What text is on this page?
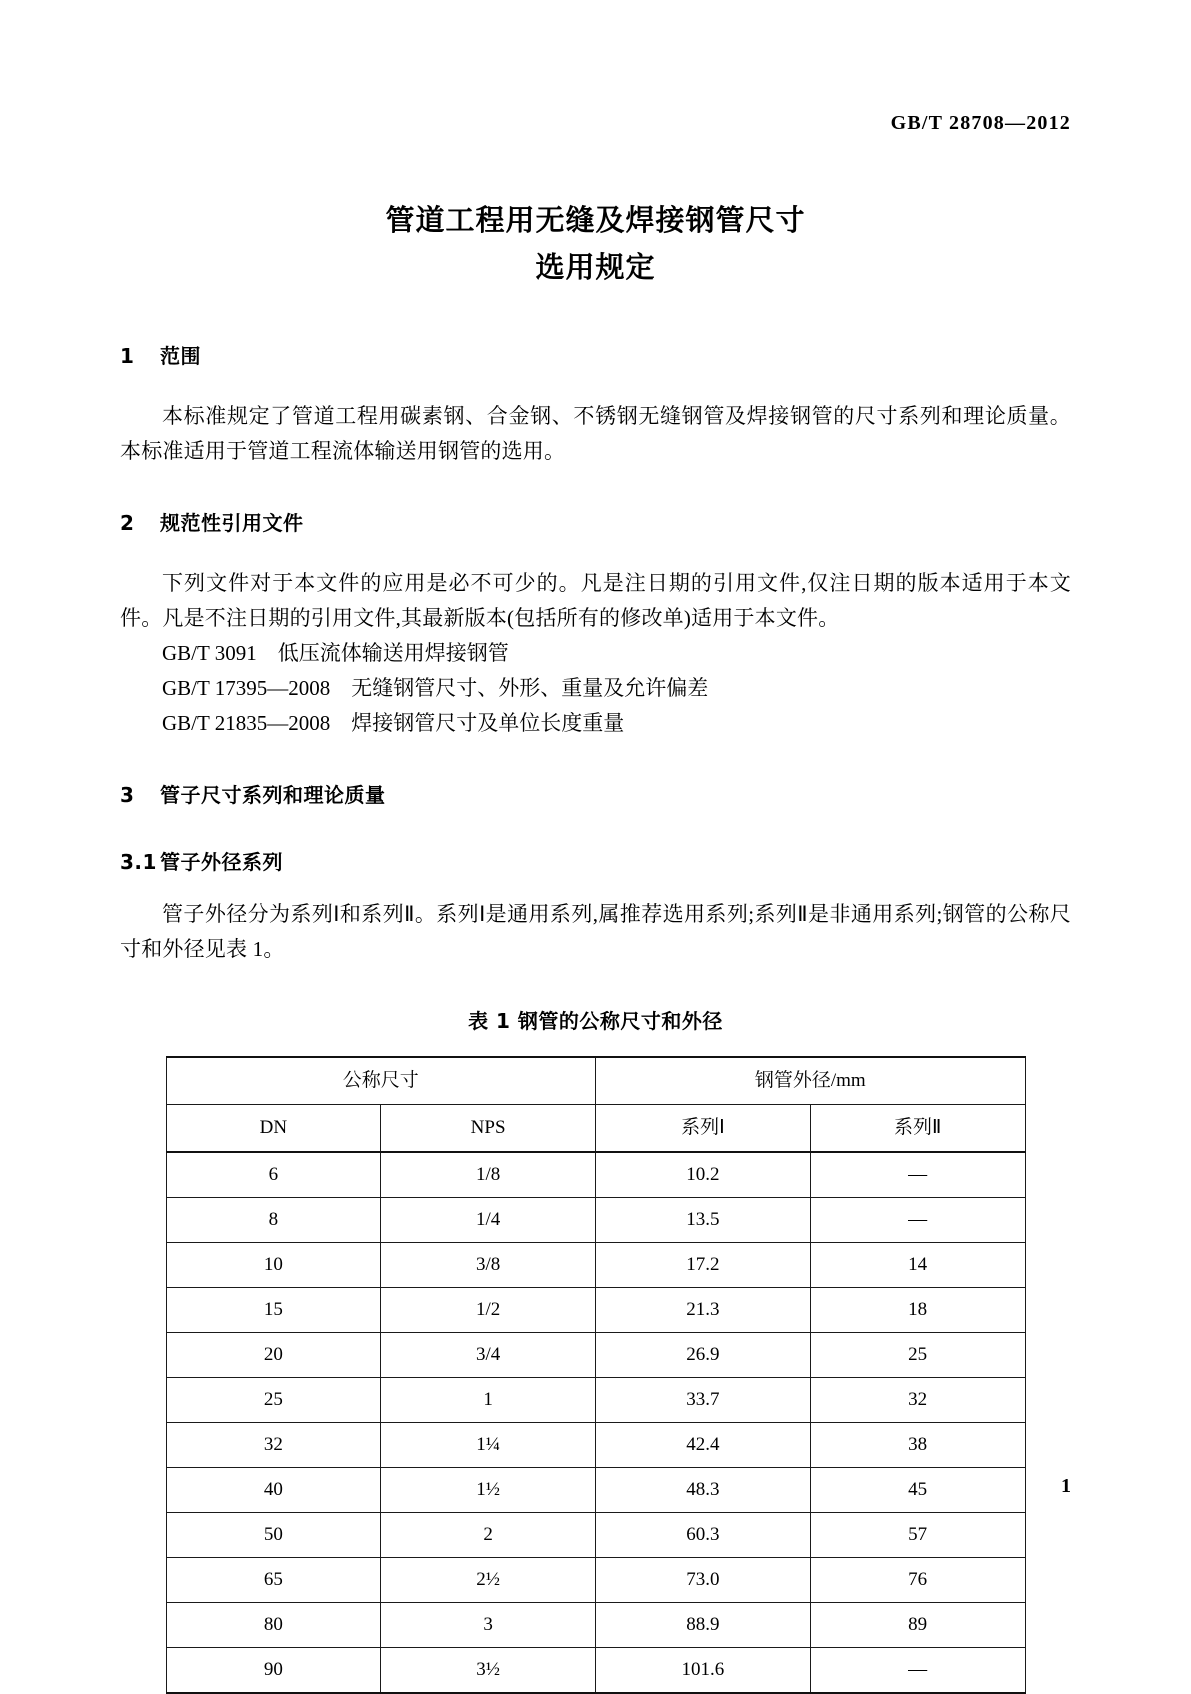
GB/T 28708—2012
管道工程用无缝及焊接钢管尺寸
选用规定
1 范围

本标准规定了管道工程用碳素钢、合金钢、不锈钢无缝钢管及焊接钢管的尺寸系列和理论质量。本标准适用于管道工程流体输送用钢管的选用。

2 规范性引用文件

下列文件对于本文件的应用是必不可少的。凡是注日期的引用文件,仅注日期的版本适用于本文件。凡是不注日期的引用文件,其最新版本(包括所有的修改单)适用于本文件。

GB/T 3091    低压流体输送用焊接钢管
GB/T 17395—2008    无缝钢管尺寸、外形、重量及允许偏差
GB/T 21835—2008    焊接钢管尺寸及单位长度重量
3 管子尺寸系列和理论质量
3.1 管子外径系列

管子外径分为系列Ⅰ和系列Ⅱ。系列Ⅰ是通用系列,属推荐选用系列;系列Ⅱ是非通用系列;钢管的公称尺寸和外径见表 1。

表 1 钢管的公称尺寸和外径

公称尺寸		钢管外径/mm	
DN	NPS	系列Ⅰ	系列Ⅱ
6	1/8	10.2	—
8	1/4	13.5	—
10	3/8	17.2	14
15	1/2	21.3	18
20	3/4	26.9	25
25	1	33.7	32
32	1¼	42.4	38
40	1½	48.3	45
50	2	60.3	57
65	2½	73.0	76
80	3	88.9	89
90	3½	101.6	—
1
